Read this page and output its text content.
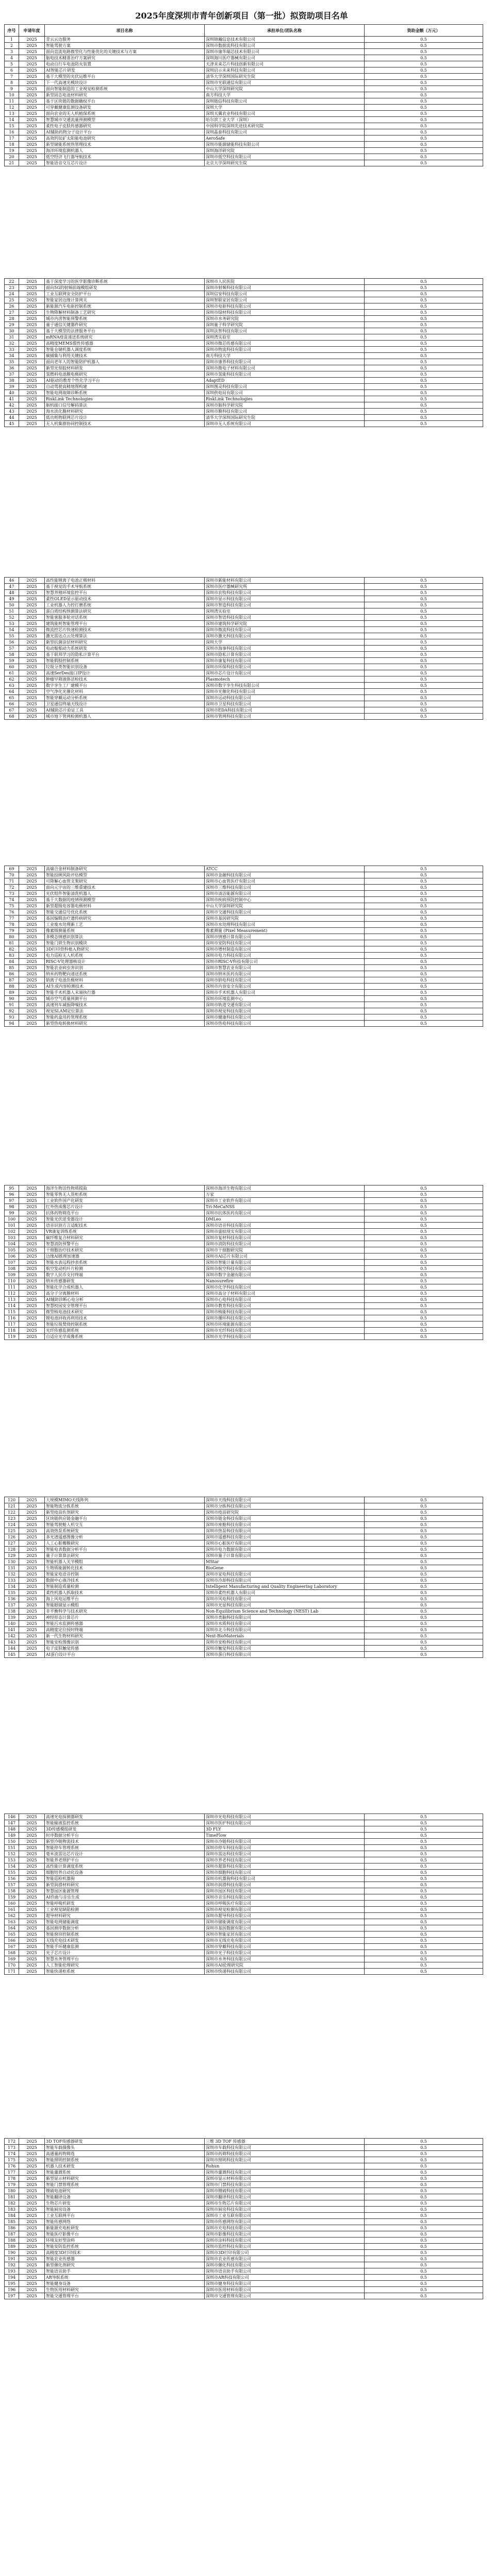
2025年度深圳市青年创新项目（第一批）拟资助项目名单
序号	申请年度	项目名称	承担单位/团队名称	资助金额（万元）
1	2025	青云云边服务	深圳锦瀚信息技术有限公司	0.5
2	2025	智能驾驶方案	深圳市数据流科技有限公司	0.5
3	2025	面向直流电路微型化与性能优化的关键技术与方案	深圳市康华瑞芯技术有限公司	0.5
4	2025	脑电技术精准治疗方案研究	深圳海川医疗器械有限公司	0.5
5	2025	电动自行车电池防火装置	天津未来芯片科技创新有限公司	0.5
6	2025	AI智能芯片研发	深圳启示未来科技有限公司	0.5
7	2025	基于大模型的光伏运维平台	清华大学深圳国际研究生院	0.5
8	2025	下一代高速光模块设计	深圳市光联通信有限公司	0.5
9	2025	面向智能制造的工业视觉检测系统	中山大学深圳研究院	0.5
10	2025	新型固态电池材料研究	南方科技大学	0.5
11	2025	基于区块链的数据确权平台	深圳链信科技有限公司	0.5
12	2025	可穿戴健康监测设备研发	深圳大学	0.5
13	2025	面向农业的无人机植保系统	深圳天翼农业科技有限公司	0.5
14	2025	智慧城市交通流量预测模型	哈尔滨工业大学（深圳）	0.5
15	2025	柔性电子皮肤传感器研究	中国科学院深圳先进技术研究院	0.5
16	2025	AI辅助药物分子设计平台	深圳晶泰科技有限公司	0.5
17	2025	高效钙钛矿太阳能电池研究	AeroSafe	0.5
18	2025	新型储能系统热管理技术	深圳市能源储能科技有限公司	0.5
19	2025	海洋环境监测机器人	深圳海洋研究院	0.5
20	2025	低空经济飞行器导航技术	深圳市低空科技有限公司	0.5
21	2025	智能语音交互芯片设计	北京大学深圳研究生院	0.5
22	2025	基于深度学习的医学影像诊断系统	深圳市人民医院	0.5
23	2025	面向5G的射频前端模组研发	深圳市射频科技有限公司	0.5
24	2025	工业互联网安全防护平台	深圳信安科技有限公司	0.5
25	2025	智能家居边缘计算网关	深圳智联家居有限公司	0.5
26	2025	新能源汽车电驱控制系统	深圳市电驱科技有限公司	0.5
27	2025	生物降解材料制备工艺研究	深圳市绿材科技有限公司	0.5
28	2025	城市内涝智能预警系统	深圳市水务研究院	0.5
29	2025	量子通信关键器件研究	深圳量子科学研究院	0.5
30	2025	基于大模型的法律服务平台	深圳法智科技有限公司	0.5
31	2025	mRNA疫苗递送系统研究	深圳湾实验室	0.5
32	2025	高精度MEMS惯性传感器	深圳市微芯传感有限公司	0.5
33	2025	智能仓储机器人调度系统	深圳市物流科技有限公司	0.5
34	2025	碳捕集与利用关键技术	南方科技大学	0.5
35	2025	面向老年人的智能陪护机器人	深圳市康养科技有限公司	0.5
36	2025	新型光刻胶材料研发	深圳市微电子材料有限公司	0.5
37	2025	氢燃料电池膜电极研究	深圳市氢能科技有限公司	0.5
38	2025	AI驱动的教育个性化学习平台	AdaptED	0.5
39	2025	自动驾驶高精地图构建	深圳图灵科技有限公司	0.5
40	2025	智能电网故障诊断系统	深圳供电局有限公司	0.5
41	2025	RiskLink Technologies	RiskLink Technologies	0.5
42	2025	脑机接口信号解码算法	深圳市脑科学研究院	0.5
43	2025	海水淡化膜材料研究	深圳市膜科技有限公司	0.5
44	2025	低功耗物联网芯片设计	清华大学深圳国际研究生院	0.5
45	2025	无人机集群协同控制技术	深圳市无人系统有限公司	0.5
46	2025	高性能锂离子电池正极材料	深圳市新能材料有限公司	0.5
47	2025	基于视觉的手术导航系统	深圳市医疗器械研究所	0.5
48	2025	智慧养殖环境监控平台	深圳市农牧科技有限公司	0.5
49	2025	柔性OLED显示驱动技术	深圳市显示科技有限公司	0.5
50	2025	工业机器人力控打磨系统	深圳市智造科技有限公司	0.5
51	2025	蛋白质结构预测算法研究	深圳湾实验室	0.5
52	2025	智能客服多轮对话系统	深圳市智语科技有限公司	0.5
53	2025	建筑能耗智能管理平台	深圳市建筑科学研究院	0.5
54	2025	微流控芯片快速检测技术	深圳市微流科技有限公司	0.5
55	2025	激光雷达点云处理算法	深圳市激光科技有限公司	0.5
56	2025	新型抗菌涂层材料研究	深圳大学	0.5
57	2025	电动船舶动力系统研发	深圳市海事科技有限公司	0.5
58	2025	基于联邦学习的隐私计算平台	深圳市隐私计算有限公司	0.5
59	2025	智能假肢控制系统	深圳市康复科技有限公司	0.5
60	2025	垃圾分类智能识别设备	深圳市环保科技有限公司	0.5
61	2025	高速SerDes接口IP设计	深圳市芯片设计有限公司	0.5
62	2025	肿瘤早筛液体活检技术	Plasmotech	0.5
63	2025	数字孪生工厂建模平台	深圳市数字孪生科技有限公司	0.5
64	2025	空气净化光催化材料	深圳市光催化科技有限公司	0.5
65	2025	智能穿戴运动分析系统	深圳市运动科技有限公司	0.5
66	2025	卫星通信终端天线设计	深圳市卫星科技有限公司	0.5
67	2025	AI辅助芯片验证工具	深圳市EDA科技有限公司	0.5
68	2025	城市地下管网检测机器人	深圳市管网科技有限公司	0.5
69	2025	高熵合金材料制备研究	ATCC	0.5
70	2025	智能投顾风险评估模型	深圳市金融科技有限公司	0.5
71	2025	可降解心血管支架研究	深圳市心血管医疗有限公司	0.5
72	2025	面向元宇宙的三维重建技术	深圳市三维科技有限公司	0.5
73	2025	光伏组件智能清洗机器人	深圳市清洁能源有限公司	0.5
74	2025	基于大数据的疫情预测模型	深圳市疾病预防控制中心	0.5
75	2025	新型超级电容器电极材料	中山大学深圳研究院	0.5
76	2025	智能交通信号优化系统	深圳市交通科技有限公司	0.5
77	2025	基因编辑治疗遗传病研究	深圳市基因研究院	0.5
78	2025	工业废水处理新工艺	深圳市水处理科技有限公司	0.5
79	2025	像素级测量系统	像素测量 (Pixel Measurement)	0.5
80	2025	多模态情感识别算法	深圳市情感计算有限公司	0.5
81	2025	智能门锁生物识别模块	深圳市安防科技有限公司	0.5
82	2025	3D打印骨科植入物研究	深圳市增材制造有限公司	0.5
83	2025	电力巡检无人机系统	深圳市电力科技有限公司	0.5
84	2025	RISC-V处理器核设计	深圳市RISC-V科技有限公司	0.5
85	2025	智能农业病虫害识别	深圳市智慧农业有限公司	0.5
86	2025	纳米药物靶向递送系统	深圳市纳米医药有限公司	0.5
87	2025	钠离子电池负极材料	深圳市钠电科技有限公司	0.5
88	2025	AI生成内容检测技术	深圳市内容安全有限公司	0.5
89	2025	智能手术机器人末端执行器	深圳市手术机器人有限公司	0.5
90	2025	城市空气质量预测平台	深圳市环境监测中心	0.5
91	2025	高速列车减振降噪技术	深圳市轨道交通有限公司	0.5
92	2025	视觉SLAM定位算法	深圳市视觉科技有限公司	0.5
93	2025	智能药盒用药管理系统	深圳市健康科技有限公司	0.5
94	2025	新型热电转换材料研究	深圳市热电科技有限公司	0.5
95	2025	海洋生物活性物质提取	深圳市海洋生物有限公司	0.5
96	2025	智能零售无人货柜系统	万家	0.5
97	2025	工业软件国产化研发	深圳市工业软件有限公司	0.5
98	2025	红外热成像芯片设计	Tri-MeCaNSS	0.5
99	2025	抗体药物筛选平台	深圳市抗体医药有限公司	0.5
100	2025	智能光伏逆变器设计	DMLeo	0.5
101	2025	语音识别方言适配技术	深圳市语音科技有限公司	0.5
102	2025	VR康复训练系统	深圳市虚拟现实有限公司	0.5
103	2025	碳纤维复合材料研究	深圳市复材科技有限公司	0.5
104	2025	智慧消防预警平台	深圳市消防科技有限公司	0.5
105	2025	干细胞治疗技术研究	深圳市干细胞研究院	0.5
106	2025	边缘AI推理加速器	深圳市AI芯片有限公司	0.5
107	2025	智能水表远程抄表系统	深圳市智能计量有限公司	0.5
108	2025	航空发动机叶片检测	深圳市航空科技有限公司	0.5
109	2025	数字人民币支付终端	深圳市数字金融有限公司	0.5
110	2025	纳米传感器研发	Nanosurefire	0.5
111	2025	智能化学合成机器人	深圳市化学科技有限公司	0.5
112	2025	高分子分离膜材料	深圳市高分子材料有限公司	0.5
113	2025	AI辅助诊断心电分析	深圳市心电科技有限公司	0.5
114	2025	智慧校园安全管理平台	深圳市教育科技有限公司	0.5
115	2025	微型核电池技术研究	深圳市核能科技有限公司	0.5
116	2025	锂电池回收再利用技术	深圳市循环科技有限公司	0.5
117	2025	智能垃圾焚烧控制系统	深圳市环境能源有限公司	0.5
118	2025	光纤传感监测系统	深圳市光纤科技有限公司	0.5
119	2025	自适应光学成像系统	深圳市光学科技有限公司	0.5
120	2025	大规模MIMO天线阵列	深圳市天线科技有限公司	0.5
121	2025	智能物流分拣系统	深圳市分拣科技有限公司	0.5
122	2025	新型疫苗佐剂研究	深圳市疫苗研究院	0.5
123	2025	区块链供应链金融平台	深圳市链金科技有限公司	0.5
124	2025	智能驾驶舱人机交互	深圳市座舱科技有限公司	0.5
125	2025	高效热泵系统研发	深圳市热泵科技有限公司	0.5
126	2025	多光谱遥感图像分析	深圳市遥感科技有限公司	0.5
127	2025	人工心脏瓣膜研究	深圳市心脏医疗有限公司	0.5
128	2025	智能电表数据分析平台	深圳市电力数据有限公司	0.5
129	2025	量子计算算法研究	深圳市量子计算有限公司	0.5
130	2025	智能机器人关节模组	MStar	0.5
131	2025	生物质能源转化技术	BioGene	0.5
132	2025	智能家电语音控制	深圳市家电科技有限公司	0.5
133	2025	数据中心液冷技术	深圳市冷却科技有限公司	0.5
134	2025	智能制造质量检测	Intelligent Manufacturing and Quality Engineering Laboratory	0.5
135	2025	柔性机器人抓取技术	深圳市柔性机器人有限公司	0.5
136	2025	海上风电运维平台	深圳市风电科技有限公司	0.5
137	2025	智能眼镜显示模组	深圳市光显科技有限公司	0.5
138	2025	非平衡科学与技术研究	Non-Equilibrium Science and Technology (NEST) Lab	0.5
139	2025	神经形态计算芯片	深圳市类脑科技有限公司	0.5
140	2025	智能污水监测传感器	深圳市水质科技有限公司	0.5
141	2025	高精度定位授时终端	深圳市北斗科技有限公司	0.5
142	2025	新一代生物材料研究	Next-BioMaterials	0.5
143	2025	智能安检图像识别	深圳市安检科技有限公司	0.5
144	2025	电子皮肤触觉传感	深圳市触觉科技有限公司	0.5
145	2025	AI蛋白设计平台	深圳市蛋白科技有限公司	0.5
146	2025	高速光电探测器研发	深圳市光电科技有限公司	0.5
147	2025	智能输液监控系统	深圳市医护科技有限公司	0.5
148	2025	3D传感模组研发	3D FLY	0.5
149	2025	时序数据分析平台	TimeFlow	0.5
150	2025	新型冷链物流技术	深圳市冷链科技有限公司	0.5
151	2025	智能停车管理系统	深圳市停车科技有限公司	0.5
152	2025	毫米波雷达芯片设计	深圳市雷达科技有限公司	0.5
153	2025	智能养老照护平台	深圳市养老科技有限公司	0.5
154	2025	高性能计算调度系统	深圳市超算科技有限公司	0.5
155	2025	细胞培养自动化设备	深圳市细胞科技有限公司	0.5
156	2025	智能巡检机器狗	深圳市机器狗科技有限公司	0.5
157	2025	新型润滑材料研究	深圳市润滑科技有限公司	0.5
158	2025	智慧园区能源管理	深圳市园区科技有限公司	0.5
159	2025	AI作曲与音乐生成	深圳市音乐科技有限公司	0.5
160	2025	智能呼吸机研发	深圳市呼吸医疗有限公司	0.5
161	2025	工业视觉缺陷检测	深圳市视觉检测有限公司	0.5
162	2025	超导材料研究	深圳市超导科技有限公司	0.5
163	2025	智能电网储能调度	深圳市储能调度有限公司	0.5
164	2025	基因测序数据分析	深圳市基因数据有限公司	0.5
165	2025	智能窗帘控制系统	深圳市智能家居有限公司	0.5
166	2025	无线充电技术研发	深圳市无线充电有限公司	0.5
167	2025	智能手环健康监测	深圳市穿戴科技有限公司	0.5
168	2025	光子芯片设计	深圳市光子科技有限公司	0.5
169	2025	智慧水务管理平台	深圳市水务科技有限公司	0.5
170	2025	人工智能伦理研究	深圳市AI伦理研究院	0.5
171	2025	智能快递柜系统	深圳市快递科技有限公司	0.5
172	2025	3D TOF传感器研发	三维 3D TOF 传感器	0.5
173	2025	智能车载摄像头	深圳市车载科技有限公司	0.5
174	2025	高通量药物筛选	深圳市药筛科技有限公司	0.5
175	2025	智能照明控制系统	深圳市照明科技有限公司	0.5
176	2025	机器人技术研发	Rohun	0.5
177	2025	智能灌溉系统	深圳市灌溉科技有限公司	0.5
178	2025	新型显示材料研究	深圳市显示材料有限公司	0.5
179	2025	智能门禁管理系统	深圳市门禁科技有限公司	0.5
180	2025	锂硫电池研究	深圳市锂硫科技有限公司	0.5
181	2025	智能翻译设备	深圳市翻译科技有限公司	0.5
182	2025	生物芯片研发	深圳市生物芯片有限公司	0.5
183	2025	智能厨房设备	深圳市厨房科技有限公司	0.5
184	2025	工业互联网平台	深圳市工业互联有限公司	0.5
185	2025	智能传感网络	深圳市传感网络有限公司	0.5
186	2025	新能源充电桩研发	深圳市充电科技有限公司	0.5
187	2025	智能医疗影像平台	深圳市影像科技有限公司	0.5
188	2025	环境友好型涂料	深圳市涂料科技有限公司	0.5
189	2025	智能安防监控系统	深圳市监控科技有限公司	0.5
190	2025	高精度3D打印技术	深圳市3D打印有限公司	0.5
191	2025	智能农业传感器	深圳市农业传感有限公司	0.5
192	2025	新型催化剂研究	深圳市催化科技有限公司	0.5
193	2025	智能语音助手	深圳市语音助手有限公司	0.5
194	2025	AR导航系统	深圳市AR科技有限公司	0.5
195	2025	智能健身设备	深圳市健身科技有限公司	0.5
196	2025	生物医用材料研究	深圳市医用材料有限公司	0.5
197	2025	智能交通管理平台	深圳市交通管理有限公司	0.5
